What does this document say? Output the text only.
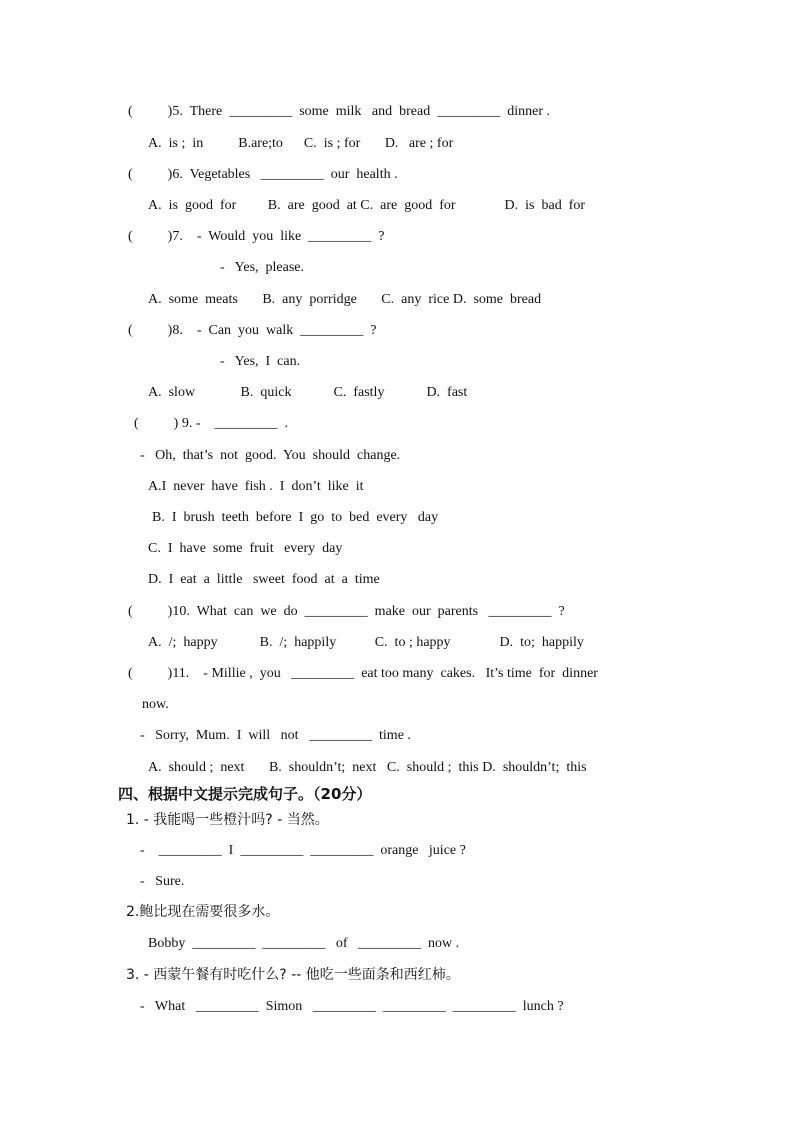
(          )5.  There  _________  some  milk   and  bread  _________  dinner .
A.  is ;  in          B.are;to      C.  is ; for       D.   are ; for
(          )6.  Vegetables   _________  our  health .
A.  is  good  for         B.  are  good  at C.  are  good  for              D.  is  bad  for
(          )7.    -  Would  you  like  _________  ?
-   Yes,  please.
A.  some  meats       B.  any  porridge       C.  any  rice D.  some  bread
(          )8.    -  Can  you  walk  _________  ?
-   Yes,  I  can.
A.  slow             B.  quick            C.  fastly            D.  fast
(          ) 9. -    _________  .
-   Oh,  that’s  not  good.  You  should  change.
A.I  never  have  fish .  I  don’t  like  it
B.  I  brush  teeth  before  I  go  to  bed  every   day
C.  I  have  some  fruit   every  day
D.  I  eat  a  little   sweet  food  at  a  time
(          )10.  What  can  we  do  _________  make  our  parents   _________  ?
A.  /;  happy            B.  /;  happily           C.  to ; happy              D.  to;  happily
(          )11.    - Millie ,  you   _________  eat too many  cakes.   It’s time  for  dinner
now.
-   Sorry,  Mum.  I  will   not   _________  time .
A.  should ;  next       B.  shouldn’t;  next   C.  should ;  this D.  shouldn’t;  this
四、根据中文提示完成句子。（20分）
1. - 我能喝一些橙汁吗? - 当然。
-    _________  I  _________  _________  orange   juice ?
-   Sure.
2.鲍比现在需要很多水。
Bobby  _________  _________   of   _________  now .
3. - 西蒙午餐有时吃什么? -- 他吃一些面条和西红柿。
-   What   _________  Simon   _________  _________  _________  lunch ?
